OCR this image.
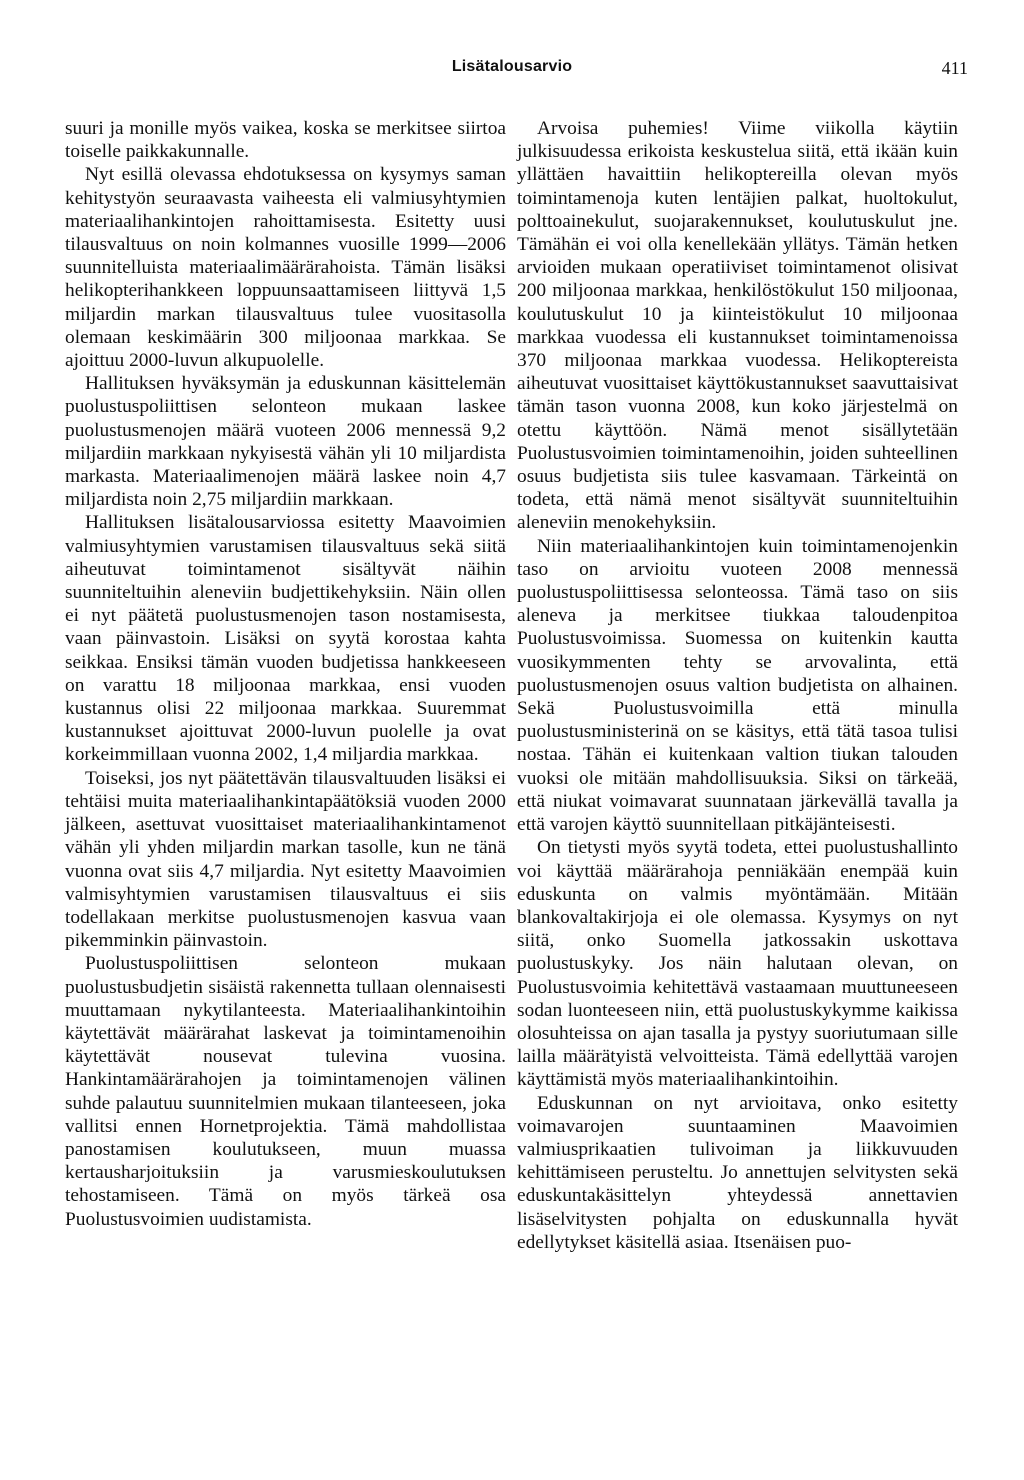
Lisätalousarvio	411

suuri ja monille myös vaikea, koska se merkitsee siirtoa toiselle paikkakunnalle.

Nyt esillä olevassa ehdotuksessa on kysymys saman kehitystyön seuraavasta vaiheesta eli valmiusyhtymien materiaalihankintojen rahoittamisesta. Esitetty uusi tilausvaltuus on noin kolmannes vuosille 1999—2006 suunnitelluista materiaalimäärärahoista. Tämän lisäksi helikopterihankkeen loppuunsaattamiseen liittyvä 1,5 miljardin markan tilausvaltuus tulee vuositasolla olemaan keskimäärin 300 miljoonaa markkaa. Se ajoittuu 2000-luvun alkupuolelle.

Hallituksen hyväksymän ja eduskunnan käsittelemän puolustuspoliittisen selonteon mukaan laskee puolustusmenojen määrä vuoteen 2006 mennessä 9,2 miljardiin markkaan nykyisestä vähän yli 10 miljardista markasta. Materiaalimenojen määrä laskee noin 4,7 miljardista noin 2,75 miljardiin markkaan.

Hallituksen lisätalousarviossa esitetty Maavoimien valmiusyhtymien varustamisen tilausvaltuus sekä siitä aiheutuvat toimintamenot sisältyvät näihin suunniteltuihin aleneviin budjettikehyksiin. Näin ollen ei nyt päätetä puolustusmenojen tason nostamisesta, vaan päinvastoin. Lisäksi on syytä korostaa kahta seikkaa. Ensiksi tämän vuoden budjetissa hankkeeseen on varattu 18 miljoonaa markkaa, ensi vuoden kustannus olisi 22 miljoonaa markkaa. Suuremmat kustannukset ajoittuvat 2000-luvun puolelle ja ovat korkeimmillaan vuonna 2002, 1,4 miljardia markkaa.

Toiseksi, jos nyt päätettävän tilausvaltuuden lisäksi ei tehtäisi muita materiaalihankintapäätöksiä vuoden 2000 jälkeen, asettuvat vuosittaiset materiaalihankintamenot vähän yli yhden miljardin markan tasolle, kun ne tänä vuonna ovat siis 4,7 miljardia. Nyt esitetty Maavoimien valmisyhtymien varustamisen tilausvaltuus ei siis todellakaan merkitse puolustusmenojen kasvua vaan pikemminkin päinvastoin.

Puolustuspoliittisen selonteon mukaan puolustusbudjetin sisäistä rakennetta tullaan olennaisesti muuttamaan nykytilanteesta. Materiaalihankintoihin käytettävät määrärahat laskevat ja toimintamenoihin käytettävät nousevat tulevina vuosina. Hankintamäärärahojen ja toimintamenojen välinen suhde palautuu suunnitelmien mukaan tilanteeseen, joka vallitsi ennen Hornetprojektia. Tämä mahdollistaa panostamisen koulutukseen, muun muassa kertausharjoituksiin ja varusmieskoulutuksen tehostamiseen. Tämä on myös tärkeä osa Puolustusvoimien uudistamista.

Arvoisa puhemies! Viime viikolla käytiin julkisuudessa erikoista keskustelua siitä, että ikään kuin yllättäen havaittiin helikoptereilla olevan myös toimintamenoja kuten lentäjien palkat, huoltokulut, polttoainekulut, suojarakennukset, koulutuskulut jne. Tämähän ei voi olla kenellekään yllätys. Tämän hetken arvioiden mukaan operatiiviset toimintamenot olisivat 200 miljoonaa markkaa, henkilöstökulut 150 miljoonaa, koulutuskulut 10 ja kiinteistökulut 10 miljoonaa markkaa vuodessa eli kustannukset toimintamenoissa 370 miljoonaa markkaa vuodessa. Helikoptereista aiheutuvat vuosittaiset käyttökustannukset saavuttaisivat tämän tason vuonna 2008, kun koko järjestelmä on otettu käyttöön. Nämä menot sisällytetään Puolustusvoimien toimintamenoihin, joiden suhteellinen osuus budjetista siis tulee kasvamaan. Tärkeintä on todeta, että nämä menot sisältyvät suunniteltuihin aleneviin menokehyksiin.

Niin materiaalihankintojen kuin toimintamenojenkin taso on arvioitu vuoteen 2008 mennessä puolustuspoliittisessa selonteossa. Tämä taso on siis aleneva ja merkitsee tiukkaa taloudenpitoa Puolustusvoimissa. Suomessa on kuitenkin kautta vuosikymmenten tehty se arvovalinta, että puolustusmenojen osuus valtion budjetista on alhainen. Sekä Puolustusvoimilla että minulla puolustusministerinä on se käsitys, että tätä tasoa tulisi nostaa. Tähän ei kuitenkaan valtion tiukan talouden vuoksi ole mitään mahdollisuuksia. Siksi on tärkeää, että niukat voimavarat suunnataan järkevällä tavalla ja että varojen käyttö suunnitellaan pitkäjänteisesti.

On tietysti myös syytä todeta, ettei puolustushallinto voi käyttää määrärahoja penniäkään enempää kuin eduskunta on valmis myöntämään. Mitään blankovaltakirjoja ei ole olemassa. Kysymys on nyt siitä, onko Suomella jatkossakin uskottava puolustuskyky. Jos näin halutaan olevan, on Puolustusvoimia kehitettävä vastaamaan muuttuneeseen sodan luonteeseen niin, että puolustuskykymme kaikissa olosuhteissa on ajan tasalla ja pystyy suoriutumaan sille lailla määrätyistä velvoitteista. Tämä edellyttää varojen käyttämistä myös materiaalihankintoihin.

Eduskunnan on nyt arvioitava, onko esitetty voimavarojen suuntaaminen Maavoimien valmiusprikaatien tulivoiman ja liikkuvuuden kehittämiseen perusteltu. Jo annettujen selvitysten sekä eduskuntakäsittelyn yhteydessä annettavien lisäselvitysten pohjalta on eduskunnalla hyvät edellytykset käsitellä asiaa. Itsenäisen puo-
